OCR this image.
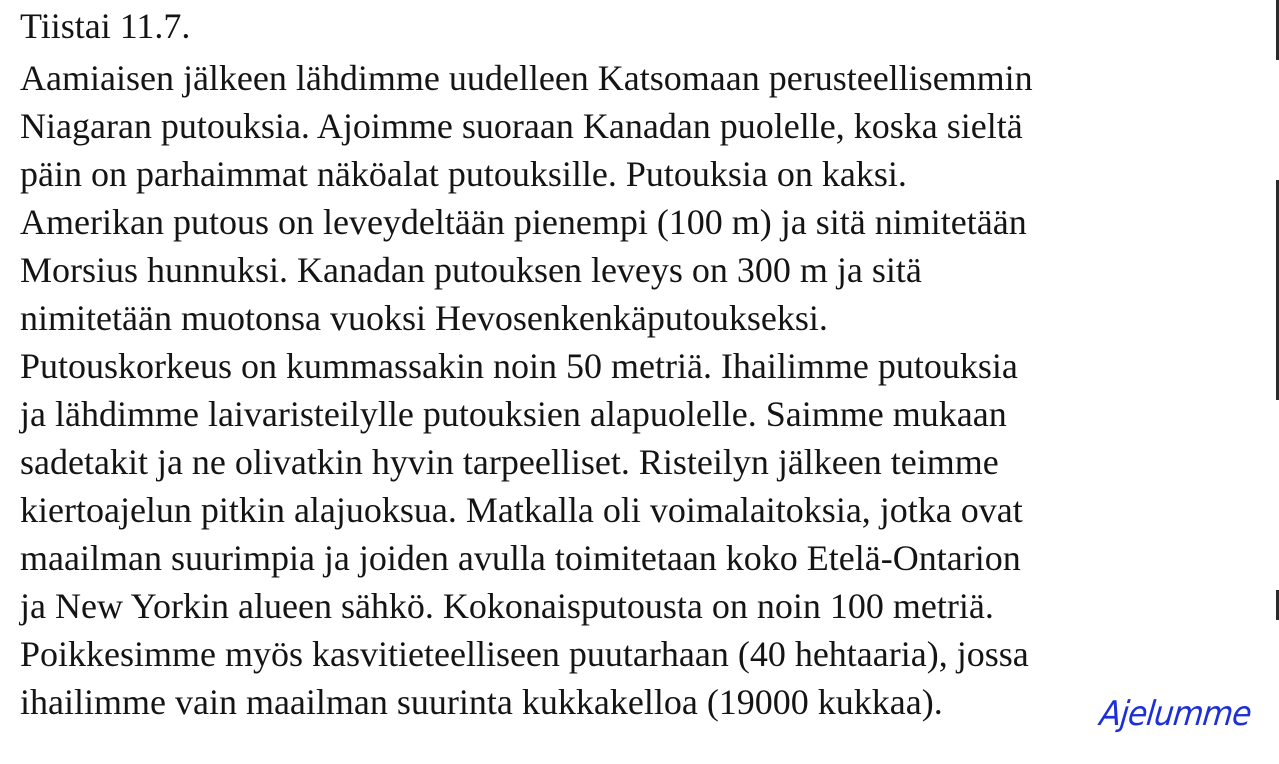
Tiistai 11.7.

Aamiaisen jälkeen lähdimme uudelleen Katsomaan perusteellisemmin

Niagaran putouksia. Ajoimme suoraan Kanadan puolelle, koska sieltä

päin on parhaimmat näköalat putouksille. Putouksia on kaksi.

Amerikan putous on leveydeltään pienempi (100 m) ja sitä nimitetään

Morsius hunnuksi. Kanadan putouksen leveys on 300 m ja sitä

nimitetään muotonsa vuoksi Hevosenkenkäputoukseksi.

Putouskorkeus on kummassakin noin 50 metriä. Ihailimme putouksia

ja lähdimme laivaristeilylle putouksien alapuolelle. Saimme mukaan

sadetakit ja ne olivatkin hyvin tarpeelliset. Risteilyn jälkeen teimme

kiertoajelun pitkin alajuoksua. Matkalla oli voimalaitoksia, jotka ovat

maailman suurimpia ja joiden avulla toimitetaan koko Etelä-Ontarion

ja New Yorkin alueen sähkö. Kokonaisputousta on noin 100 metriä.

Poikkesimme myös kasvitieteelliseen puutarhaan (40 hehtaaria), jossa

ihailimme vain maailman suurinta kukkakelloa (19000 kukkaa).	Ajelumme
